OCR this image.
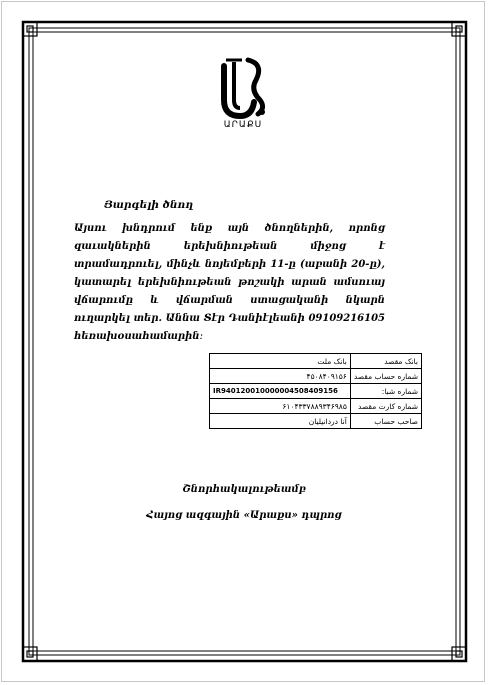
ԱՐԱՔՍ
Յարգելի ծնող
Այսու խնդրում ենք այն ծնողներին, որոնց զաւակներին երեխնիութեան միջոց է տրամադրուել, մինչև նոյեմբերի 11-ը (աբանի 20-ը), կատարել երեխնիութեան թոշակի արան ամսուայ վճարումը և վճարման ստացականի նկարն ուղարկել տեր. Աննա Տէր Դանիէլեանի 09109216105 հեռախօսահամարին։
بانک ملت	بانک مقصد
۴۵۰۸۴۰۹۱۵۶	شماره حساب مقصد
IR940120010000004508409156	شماره شبا:
۶۱۰۴۳۳۷۸۸۹۳۴۶۹۸۵	شماره کارت مقصد
آنا دردانیلیان	صاحب حساب
Շնորհակալութեամբ
Հայոց ազգային «Արաքս» դպրոց
